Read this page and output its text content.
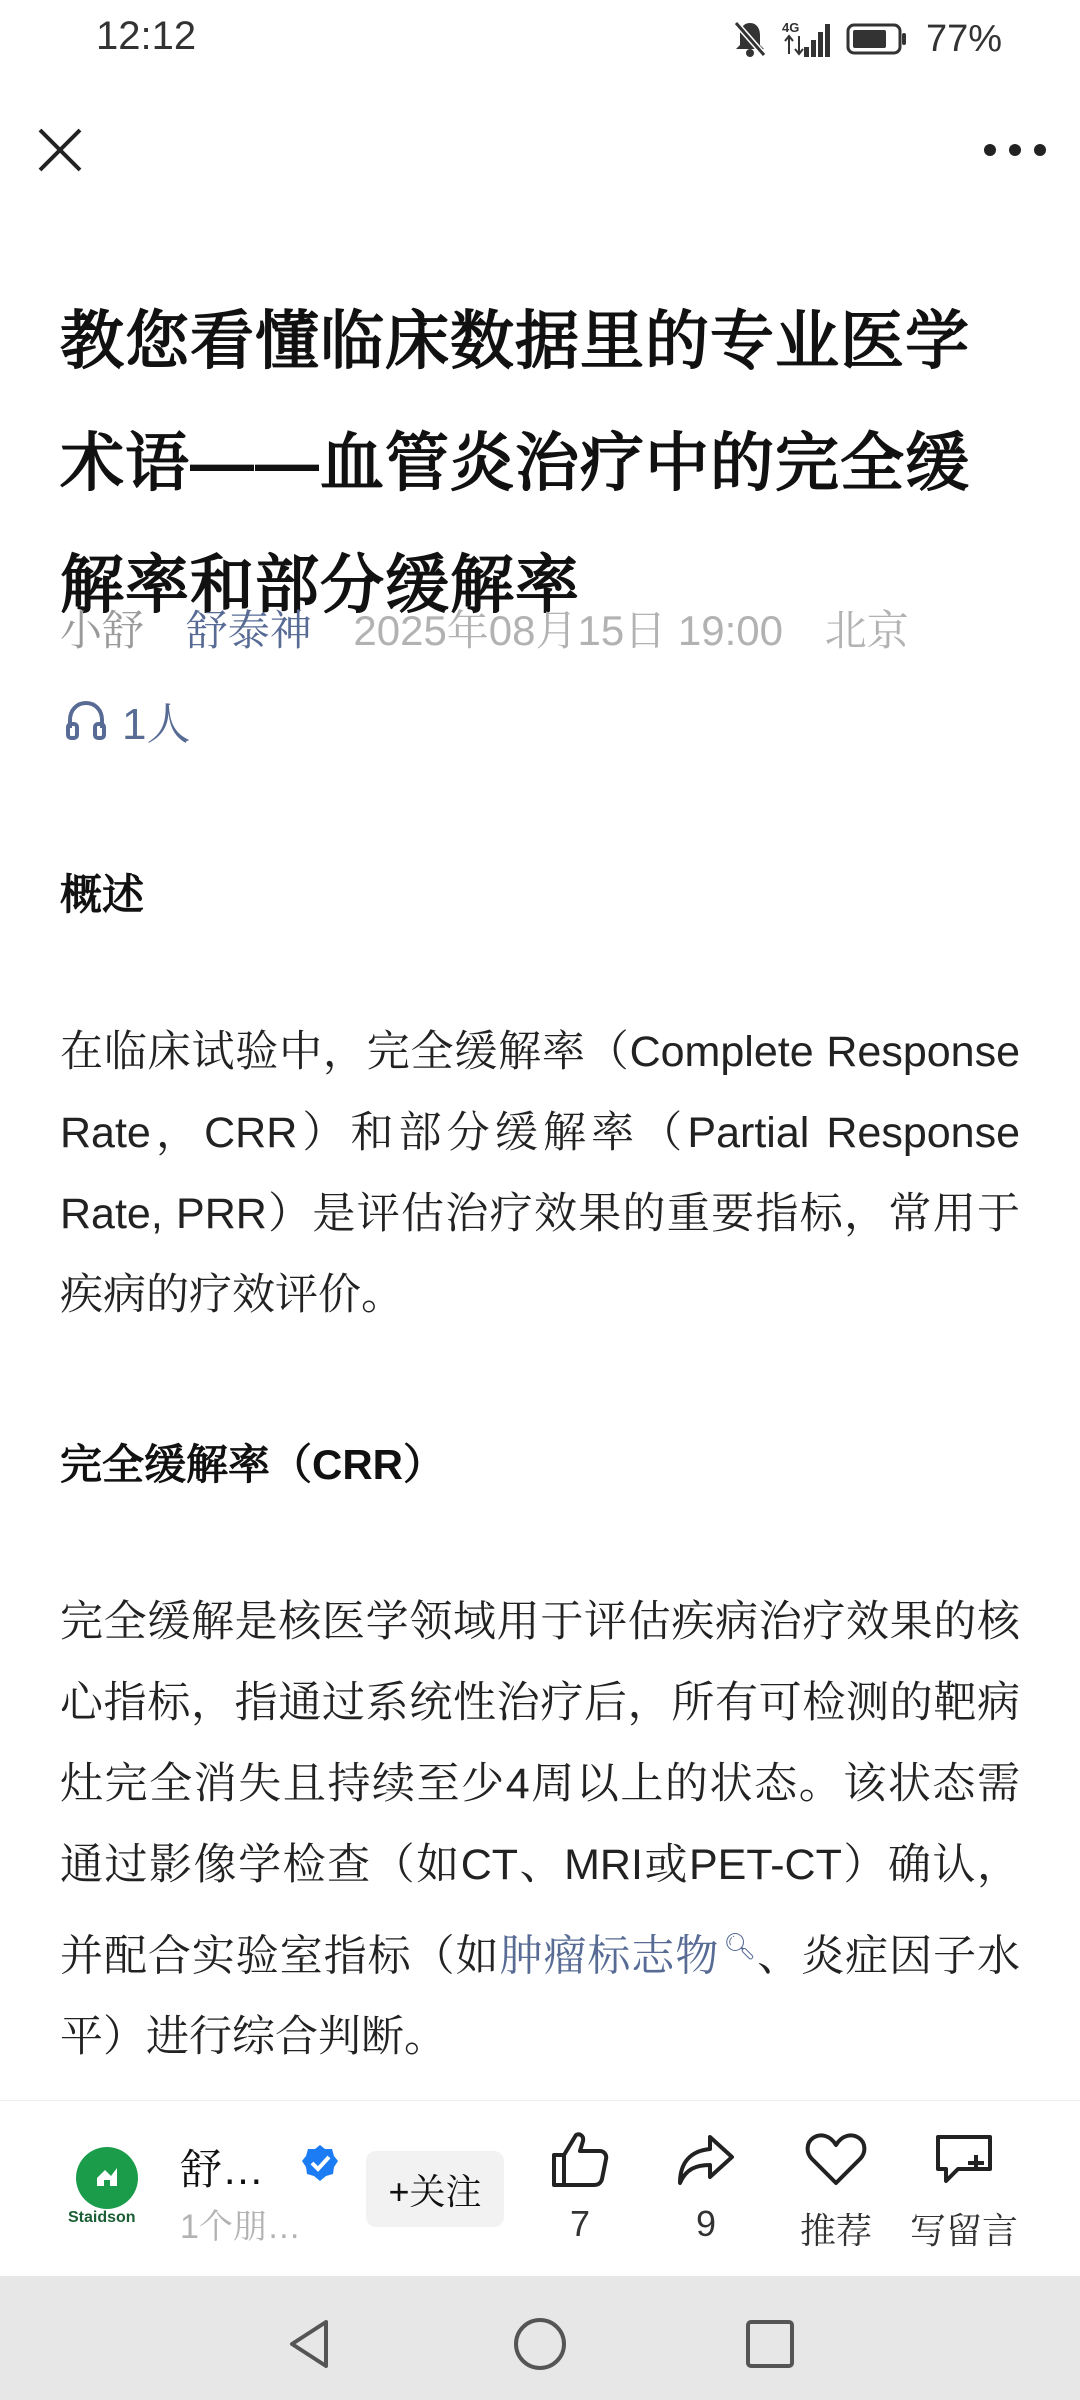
12:12	4G	77%
教您看懂临床数据里的专业医学术语——血管炎治疗中的完全缓解率和部分缓解率
小舒 舒泰神 2025年08月15日 19:00 北京
1人
概述

在临床试验中，完全缓解率（Complete Response Rate，CRR）和部分缓解率（Partial Response Rate, PRR）是评估治疗效果的重要指标，常用于疾病的疗效评价。

完全缓解率（CRR）

完全缓解是核医学领域用于评估疾病治疗效果的核心指标，指通过系统性治疗后，所有可检测的靶病灶完全消失且持续至少4周以上的状态。该状态需通过影像学检查（如CT、MRI或PET-CT）确认，并配合实验室指标（如肿瘤标志物 🔍︎、炎症因子水平）进行综合判断。

Staidson
舒…
1个朋…
+关注
7	9	推荐	写留言
